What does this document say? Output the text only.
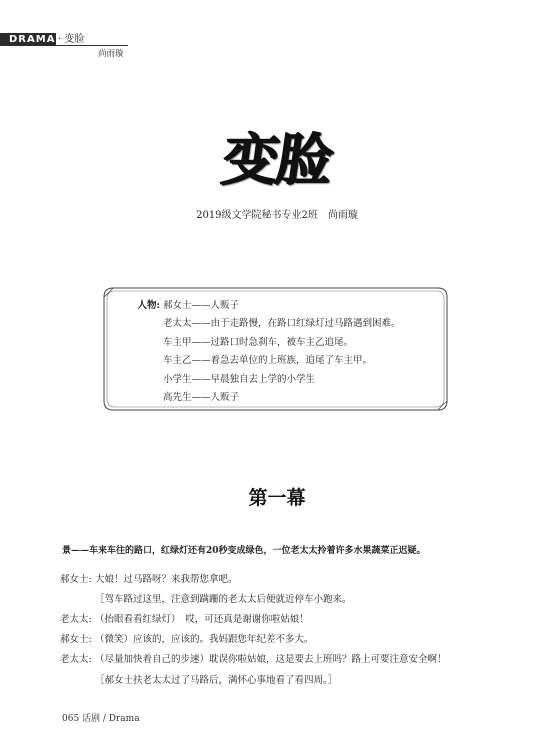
DRAMA · 变脸
尚雨璇
变脸
2019级文学院秘书专业2班　尚雨璇
人物: 郝女士——人贩子
老太太——由于走路慢，在路口红绿灯过马路遇到困难。
车主甲——过路口时急刹车，被车主乙追尾。
车主乙——着急去单位的上班族，追尾了车主甲。
小学生——早晨独自去上学的小学生
高先生——人贩子
第一幕
景——车来车往的路口，红绿灯还有20秒变成绿色，一位老太太拎着许多水果蔬菜正迟疑。
郝女士: 大娘！过马路呀？来我帮您拿吧。
［驾车路过这里，注意到蹒跚的老太太后便就近停车小跑来。
老太太: （抬眼看看红绿灯）　哎，可还真是谢谢你啦姑娘！
郝女士: （微笑）应该的，应该的。我妈跟您年纪差不多大。
老太太: （尽量加快着自己的步速）耽误你啦姑娘，这是要去上班吗？路上可要注意安全啊！
［郝女士扶老太太过了马路后，满怀心事地看了看四周。］
065 话剧 / Drama
